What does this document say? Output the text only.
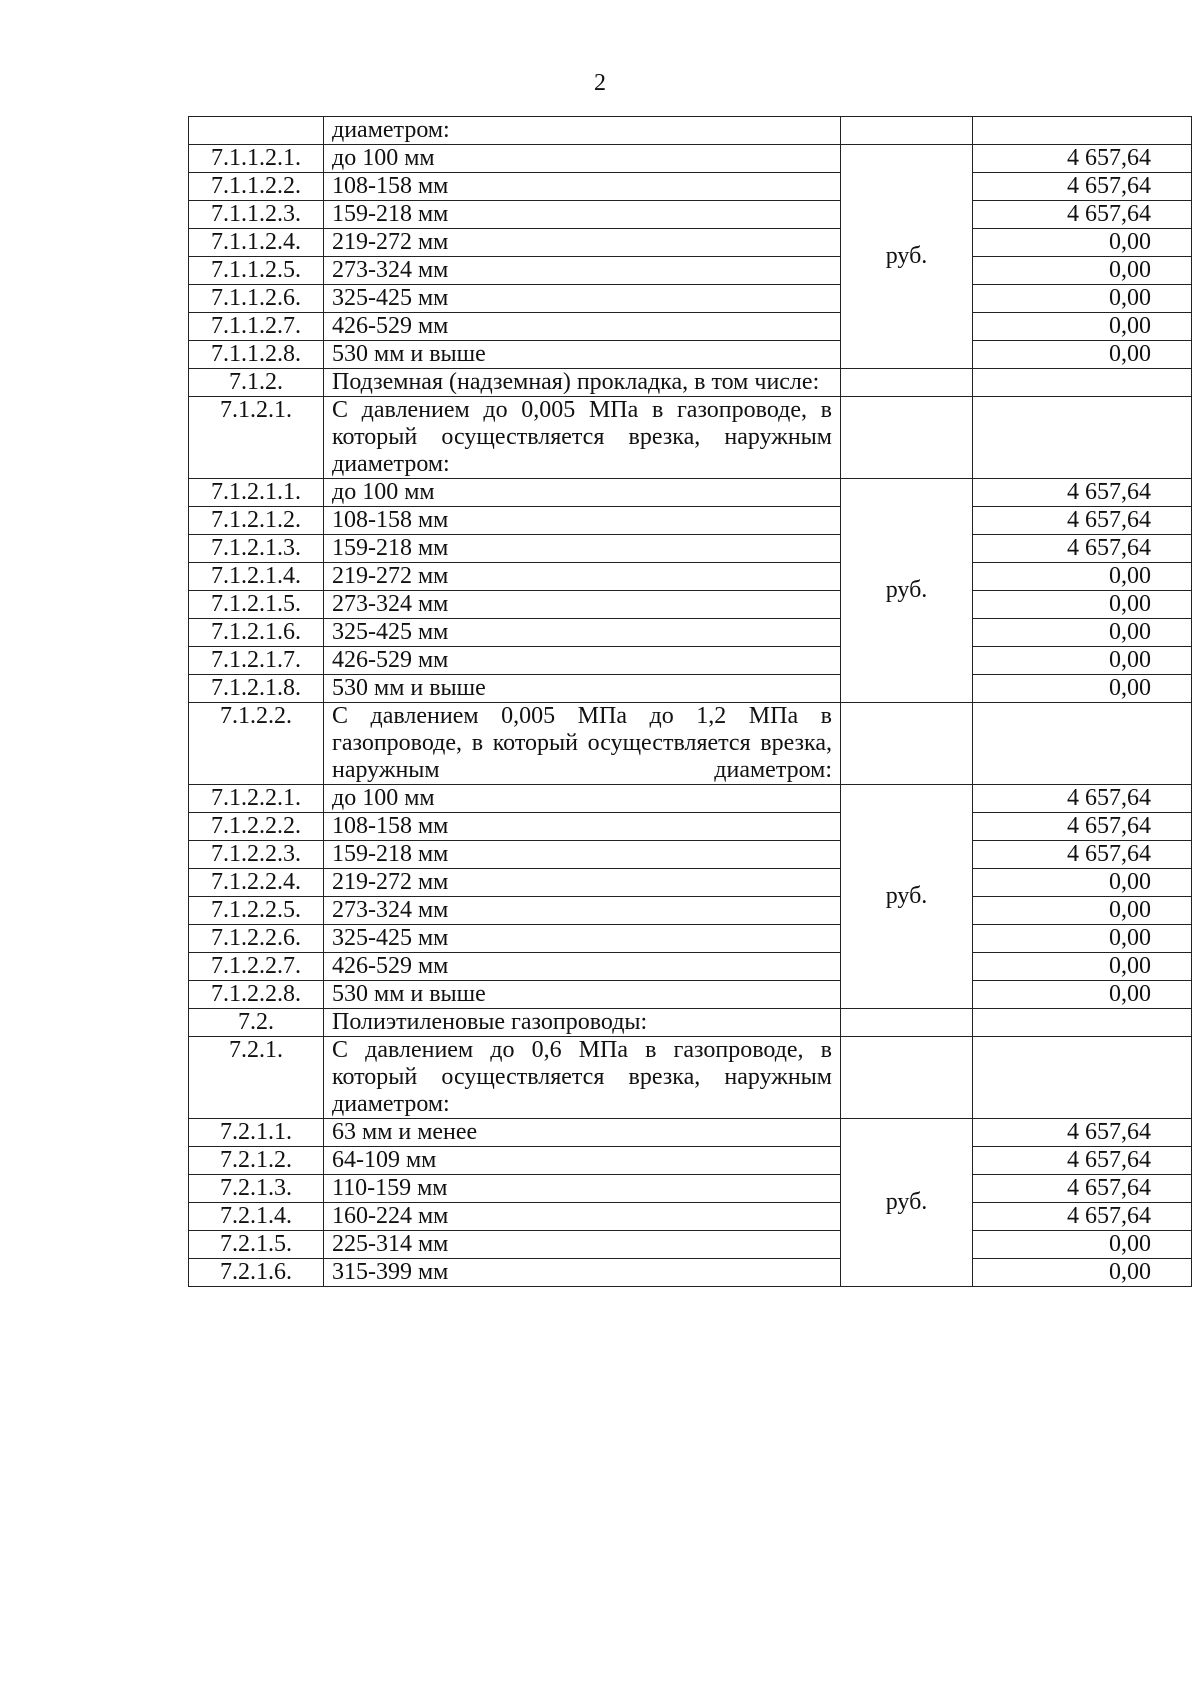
2
	диаметром:		
7.1.1.2.1.	до 100 мм	руб.	4 657,64
7.1.1.2.2.	108-158 мм		4 657,64
7.1.1.2.3.	159-218 мм		4 657,64
7.1.1.2.4.	219-272 мм		0,00
7.1.1.2.5.	273-324 мм		0,00
7.1.1.2.6.	325-425 мм		0,00
7.1.1.2.7.	426-529 мм		0,00
7.1.1.2.8.	530 мм и выше		0,00
7.1.2.	Подземная (надземная) прокладка, в том числе:		
7.1.2.1.	С давлением до 0,005 МПа в газопроводе, в который осуществляется врезка, наружным диаметром:		
7.1.2.1.1.	до 100 мм	руб.	4 657,64
7.1.2.1.2.	108-158 мм		4 657,64
7.1.2.1.3.	159-218 мм		4 657,64
7.1.2.1.4.	219-272 мм		0,00
7.1.2.1.5.	273-324 мм		0,00
7.1.2.1.6.	325-425 мм		0,00
7.1.2.1.7.	426-529 мм		0,00
7.1.2.1.8.	530 мм и выше		0,00
7.1.2.2.	С давлением 0,005 МПа до 1,2 МПа в газопроводе, в который осуществляется врезка, наружным диаметром:		
7.1.2.2.1.	до 100 мм	руб.	4 657,64
7.1.2.2.2.	108-158 мм		4 657,64
7.1.2.2.3.	159-218 мм		4 657,64
7.1.2.2.4.	219-272 мм		0,00
7.1.2.2.5.	273-324 мм		0,00
7.1.2.2.6.	325-425 мм		0,00
7.1.2.2.7.	426-529 мм		0,00
7.1.2.2.8.	530 мм и выше		0,00
7.2.	Полиэтиленовые газопроводы:		
7.2.1.	С давлением до 0,6 МПа в газопроводе, в который осуществляется врезка, наружным диаметром:		
7.2.1.1.	63 мм и менее	руб.	4 657,64
7.2.1.2.	64-109 мм		4 657,64
7.2.1.3.	110-159 мм		4 657,64
7.2.1.4.	160-224 мм		4 657,64
7.2.1.5.	225-314 мм		0,00
7.2.1.6.	315-399 мм		0,00
